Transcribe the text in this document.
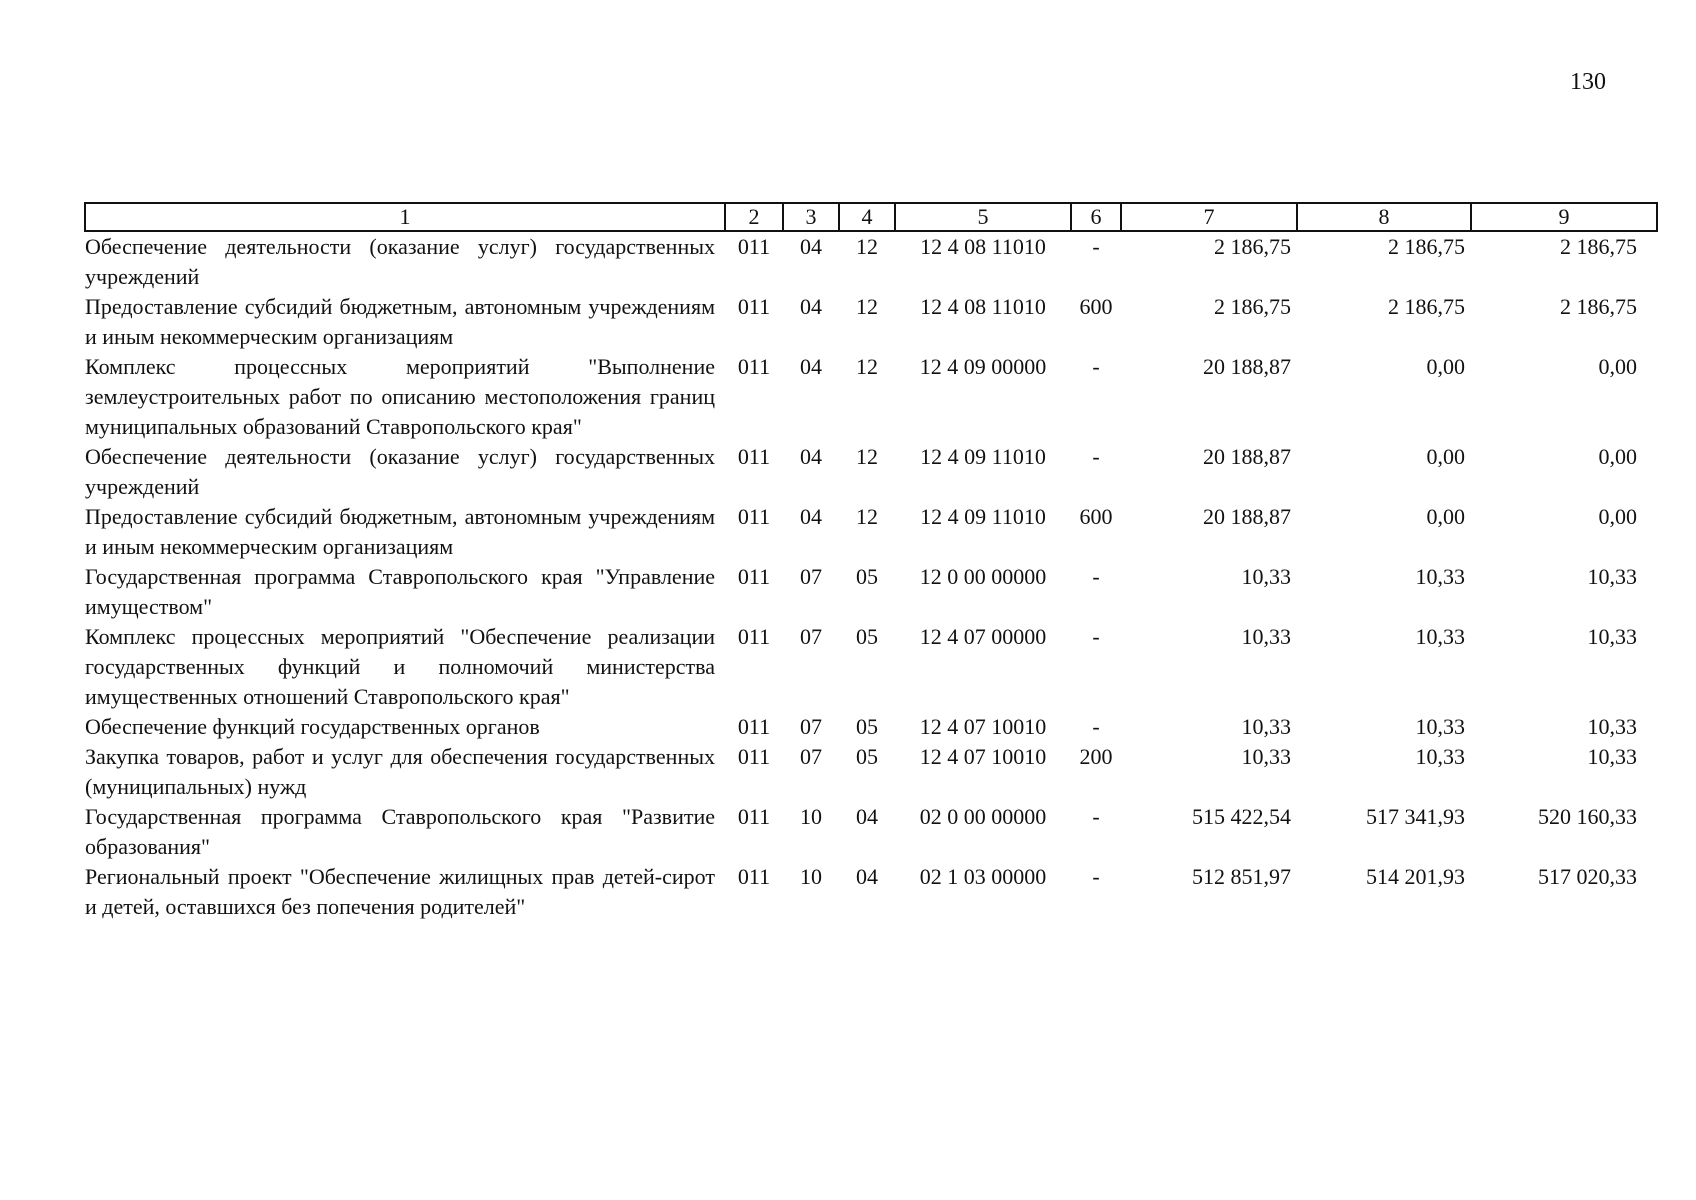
130
1	2	3	4	5	6	7	8	9
Обеспечение деятельности (оказание услуг) государственных учреждений	011	04	12	12 4 08 11010	-	2 186,75	2 186,75	2 186,75
Предоставление субсидий бюджетным, автономным учреждениям и иным некоммерческим организациям	011	04	12	12 4 08 11010	600	2 186,75	2 186,75	2 186,75
Комплекс процессных мероприятий "Выполнение землеустроительных работ по описанию местоположения границ муниципальных образований Ставропольского края"	011	04	12	12 4 09 00000	-	20 188,87	0,00	0,00
Обеспечение деятельности (оказание услуг) государственных учреждений	011	04	12	12 4 09 11010	-	20 188,87	0,00	0,00
Предоставление субсидий бюджетным, автономным учреждениям и иным некоммерческим организациям	011	04	12	12 4 09 11010	600	20 188,87	0,00	0,00
Государственная программа Ставропольского края "Управление имуществом"	011	07	05	12 0 00 00000	-	10,33	10,33	10,33
Комплекс процессных мероприятий "Обеспечение реализации государственных функций и полномочий министерства имущественных отношений Ставропольского края"	011	07	05	12 4 07 00000	-	10,33	10,33	10,33
Обеспечение функций государственных органов	011	07	05	12 4 07 10010	-	10,33	10,33	10,33
Закупка товаров, работ и услуг для обеспечения государственных (муниципальных) нужд	011	07	05	12 4 07 10010	200	10,33	10,33	10,33
Государственная программа Ставропольского края "Развитие образования"	011	10	04	02 0 00 00000	-	515 422,54	517 341,93	520 160,33
Региональный проект "Обеспечение жилищных прав детей-сирот и детей, оставшихся без попечения родителей"	011	10	04	02 1 03 00000	-	512 851,97	514 201,93	517 020,33
